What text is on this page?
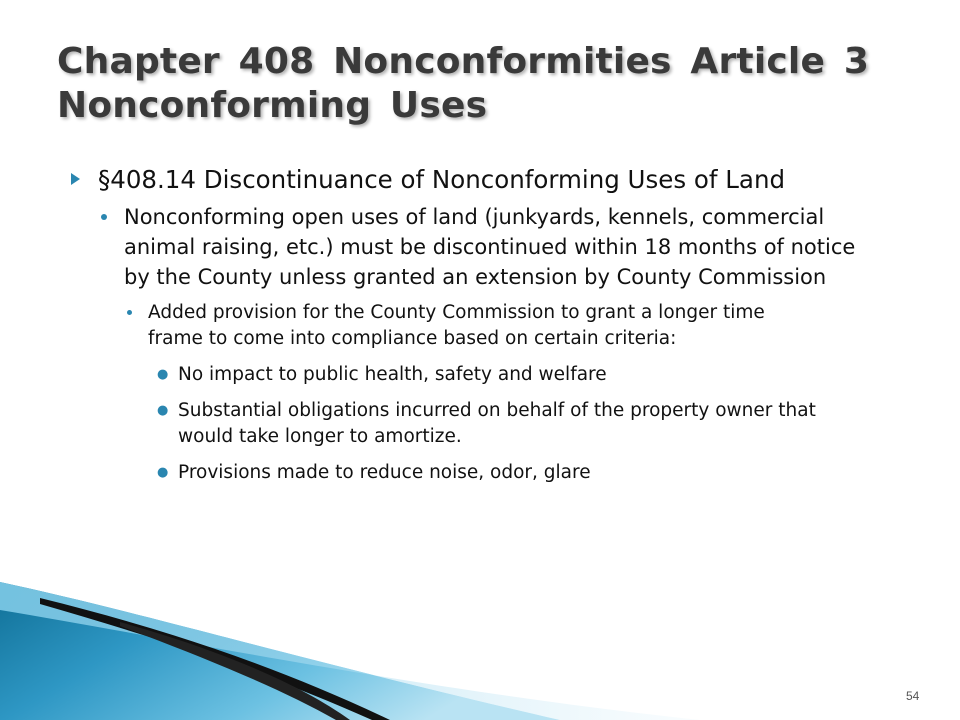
Chapter 408 Nonconformities Article 3 Nonconforming Uses
§408.14 Discontinuance of Nonconforming Uses of Land
Nonconforming open uses of land (junkyards, kennels, commercial animal raising, etc.) must be discontinued within 18 months of notice by the County unless granted an extension by County Commission
Added provision for the County Commission to grant a longer time frame to come into compliance based on certain criteria:
● No impact to public health, safety and welfare
● Substantial obligations incurred on behalf of the property owner that would take longer to amortize.
● Provisions made to reduce noise, odor, glare
54
